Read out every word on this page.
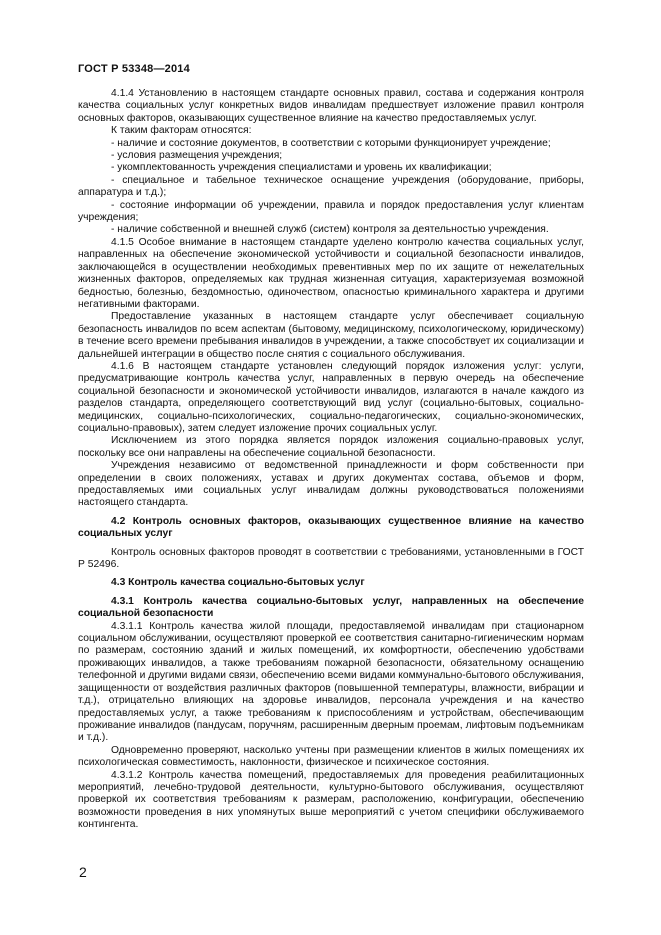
ГОСТ Р 53348—2014

4.1.4 Установлению в настоящем стандарте основных правил, состава и содержания контроля качества социальных услуг конкретных видов инвалидам предшествует изложение правил контроля основных факторов, оказывающих существенное влияние на качество предоставляемых услуг.

К таким факторам относятся:

- наличие и состояние документов, в соответствии с которыми функционирует учреждение;

- условия размещения учреждения;

- укомплектованность учреждения специалистами и уровень их квалификации;

- специальное и табельное техническое оснащение учреждения (оборудование, приборы, аппаратура и т.д.);

- состояние информации об учреждении, правила и порядок предоставления услуг клиентам учреждения;

- наличие собственной и внешней служб (систем) контроля за деятельностью учреждения.

4.1.5 Особое внимание в настоящем стандарте уделено контролю качества социальных услуг, направленных на обеспечение экономической устойчивости и социальной безопасности инвалидов, заключающейся в осуществлении необходимых превентивных мер по их защите от нежелательных жизненных факторов, определяемых как трудная жизненная ситуация, характеризуемая возможной бедностью, болезнью, бездомностью, одиночеством, опасностью криминального характера и другими негативными факторами.

Предоставление указанных в настоящем стандарте услуг обеспечивает социальную безопасность инвалидов по всем аспектам (бытовому, медицинскому, психологическому, юридическому) в течение всего времени пребывания инвалидов в учреждении, а также способствует их социализации и дальнейшей интеграции в общество после снятия с социального обслуживания.

4.1.6 В настоящем стандарте установлен следующий порядок изложения услуг: услуги, предусматривающие контроль качества услуг, направленных в первую очередь на обеспечение социальной безопасности и экономической устойчивости инвалидов, излагаются в начале каждого из разделов стандарта, определяющего соответствующий вид услуг (социально-бытовых, социально-медицинских, социально-психологических, социально-педагогических, социально-экономических, социально-правовых), затем следует изложение прочих социальных услуг.

Исключением из этого порядка является порядок изложения социально-правовых услуг, поскольку все они направлены на обеспечение социальной безопасности.

Учреждения независимо от ведомственной принадлежности и форм собственности при определении в своих положениях, уставах и других документах состава, объемов и форм, предоставляемых ими социальных услуг инвалидам должны руководствоваться положениями настоящего стандарта.

4.2 Контроль основных факторов, оказывающих существенное влияние на качество социальных услуг

Контроль основных факторов проводят в соответствии с требованиями, установленными в ГОСТ Р 52496.

4.3 Контроль качества социально-бытовых услуг

4.3.1 Контроль качества социально-бытовых услуг, направленных на обеспечение социальной безопасности

4.3.1.1 Контроль качества жилой площади, предоставляемой инвалидам при стационарном социальном обслуживании, осуществляют проверкой ее соответствия санитарно-гигиеническим нормам по размерам, состоянию зданий и жилых помещений, их комфортности, обеспечению удобствами проживающих инвалидов, а также требованиям пожарной безопасности, обязательному оснащению телефонной и другими видами связи, обеспечению всеми видами коммунально-бытового обслуживания, защищенности от воздействия различных факторов (повышенной температуры, влажности, вибрации и т.д.), отрицательно влияющих на здоровье инвалидов, персонала учреждения и на качество предоставляемых услуг, а также требованиям к приспособлениям и устройствам, обеспечивающим проживание инвалидов (пандусам, поручням, расширенным дверным проемам, лифтовым подъемникам и т.д.).

Одновременно проверяют, насколько учтены при размещении клиентов в жилых помещениях их психологическая совместимость, наклонности, физическое и психическое состояния.

4.3.1.2 Контроль качества помещений, предоставляемых для проведения реабилитационных мероприятий, лечебно-трудовой деятельности, культурно-бытового обслуживания, осуществляют проверкой их соответствия требованиям к размерам, расположению, конфигурации, обеспечению возможности проведения в них упомянутых выше мероприятий с учетом специфики обслуживаемого контингента.

2
